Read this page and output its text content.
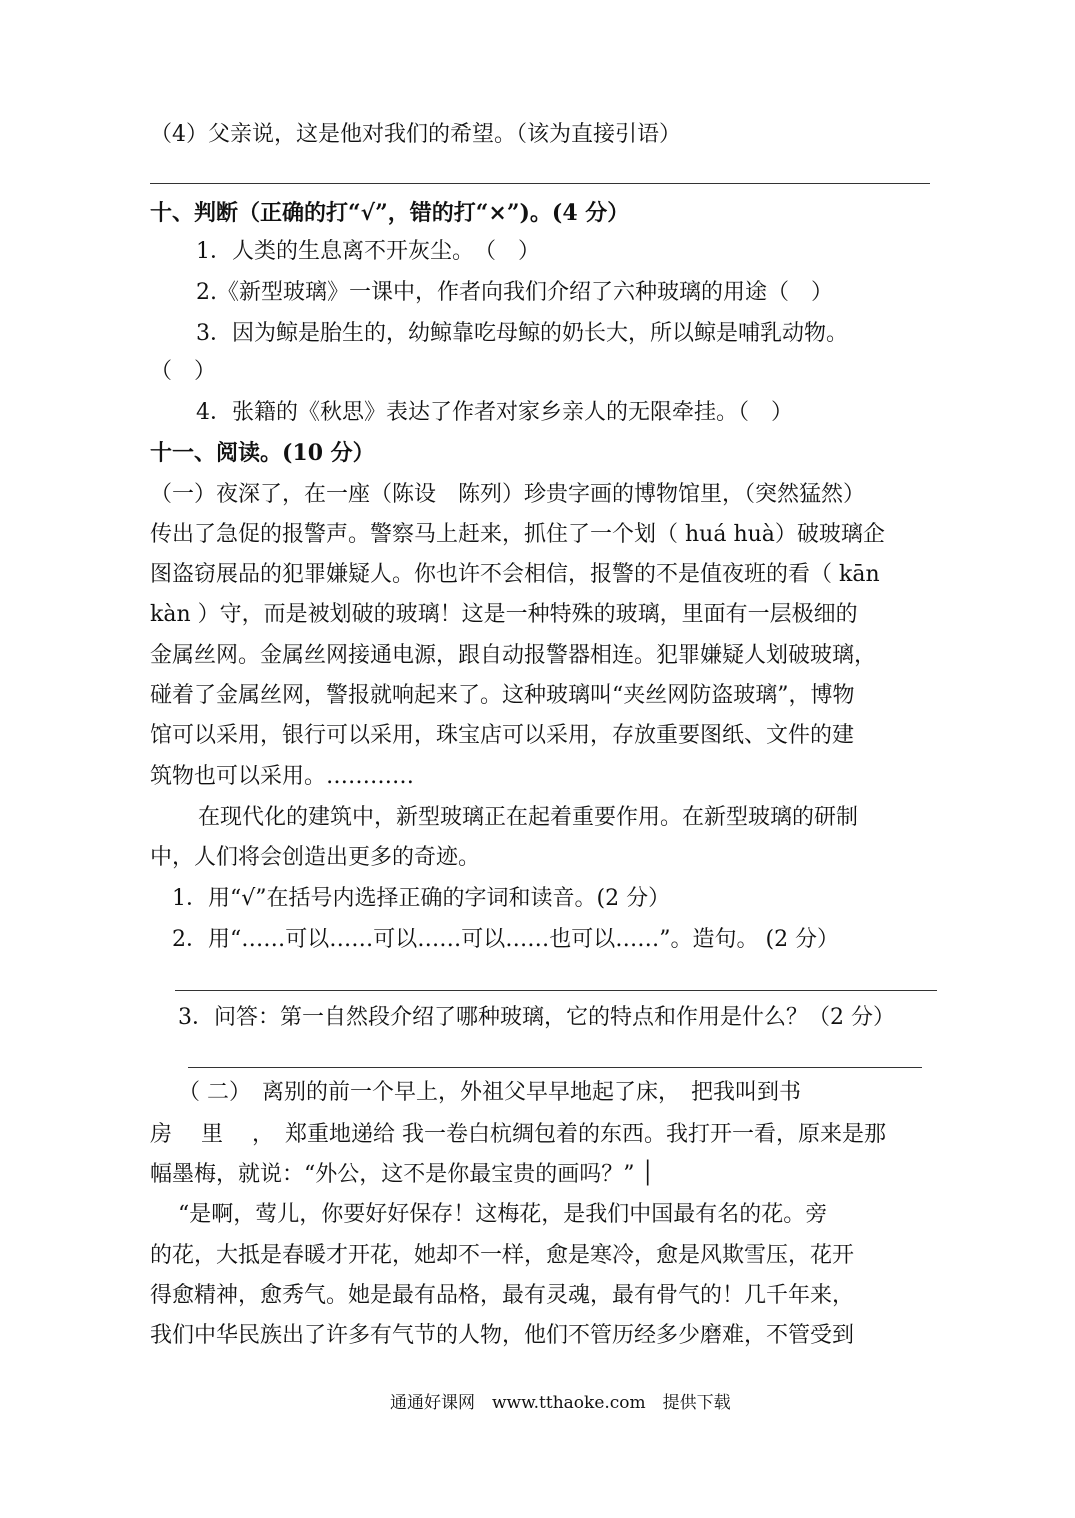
（4）父亲说，这是他对我们的希望。（该为直接引语）
十、判断（正确的打“√”，错的打“×”)。(4 分）
1．人类的生息离不开灰尘。　（　）
2.《新型玻璃》一课中，作者向我们介绍了六种玻璃的用途（　）
3．因为鲸是胎生的，幼鲸靠吃母鲸的奶长大，所以鲸是哺乳动物。
（　）
4．张籍的《秋思》表达了作者对家乡亲人的无限牵挂。（　）
十一、阅读。(10 分）
（一）夜深了，在一座（陈设　陈列）珍贵字画的博物馆里，（突然猛然）
传出了急促的报警声。警察马上赶来，抓住了一个划（ huá huà）破玻璃企
图盗窃展品的犯罪嫌疑人。你也许不会相信，报警的不是值夜班的看（ kān
kàn ）守，而是被划破的玻璃！这是一种特殊的玻璃，里面有一层极细的
金属丝网。金属丝网接通电源，跟自动报警器相连。犯罪嫌疑人划破玻璃，
碰着了金属丝网，警报就响起来了。这种玻璃叫“夹丝网防盗玻璃”，博物
馆可以采用，银行可以采用，珠宝店可以采用，存放重要图纸、文件的建
筑物也可以采用。…………
在现代化的建筑中，新型玻璃正在起着重要作用。在新型玻璃的研制
中，人们将会创造出更多的奇迹。
1．用“√”在括号内选择正确的字词和读音。(2 分）
2．用“……可以……可以……可以……也可以……”。造句。 (2 分）
3．问答：第一自然段介绍了哪种玻璃，它的特点和作用是什么？（2 分）
（ 二）　离别的前一个早上，外祖父早早地起了床，　把我叫到书
房　 里　 ，　郑重地递给 我一卷白杭绸包着的东西。我打开一看，原来是那
幅墨梅，就说：“外公，这不是你最宝贵的画吗？” ׀
“是啊，莺儿，你要好好保存！这梅花，是我们中国最有名的花。旁
的花，大抵是春暖才开花，她却不一样，愈是寒冷，愈是风欺雪压，花开
得愈精神，愈秀气。她是最有品格，最有灵魂，最有骨气的！几千年来，
我们中华民族出了许多有气节的人物，他们不管历经多少磨难，不管受到
通通好课网　www.tthaoke.com　提供下载
